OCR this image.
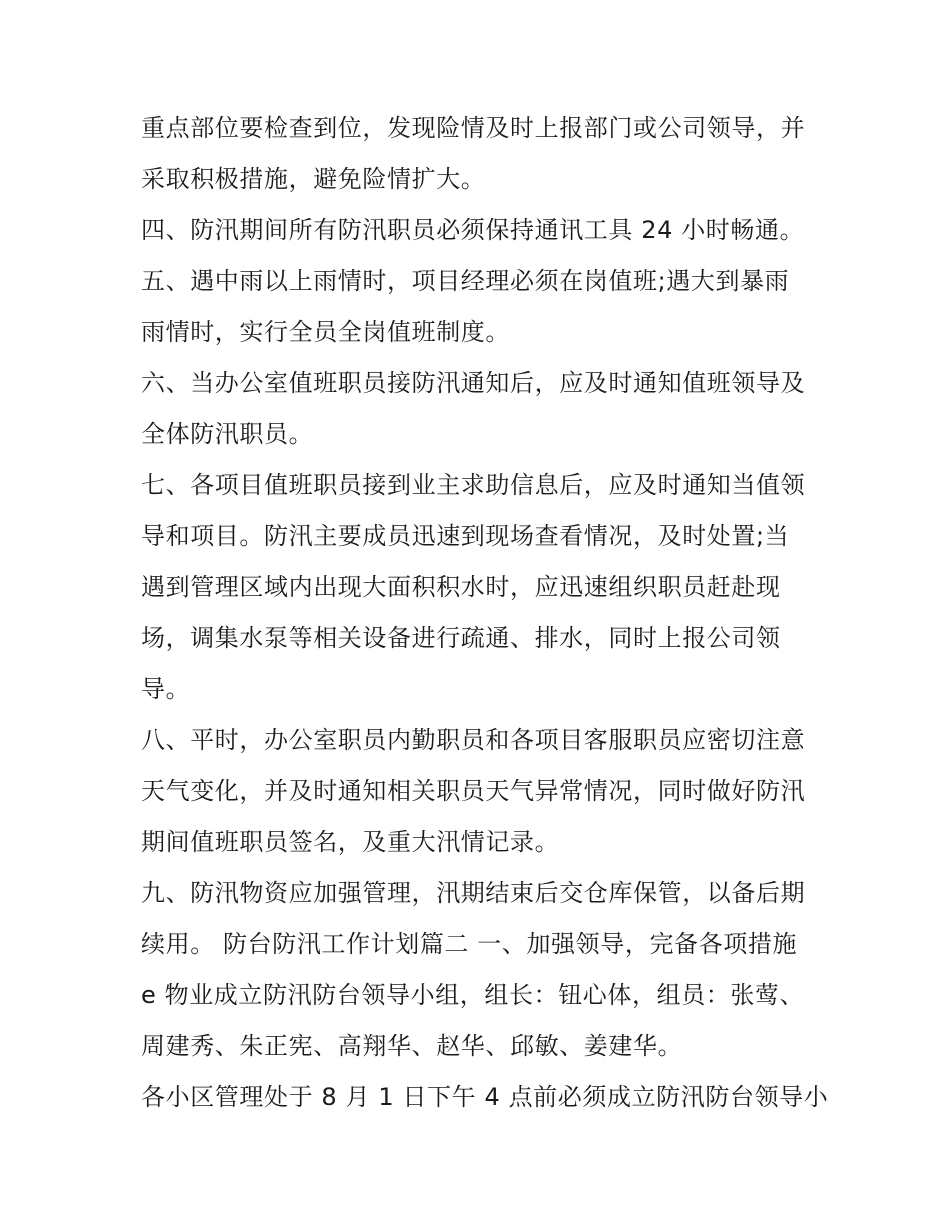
重点部位要检查到位，发现险情及时上报部门或公司领导，并
采取积极措施，避免险情扩大。
四、防汛期间所有防汛职员必须保持通讯工具 24 小时畅通。
五、遇中雨以上雨情时，项目经理必须在岗值班;遇大到暴雨
雨情时，实行全员全岗值班制度。
六、当办公室值班职员接防汛通知后，应及时通知值班领导及
全体防汛职员。
七、各项目值班职员接到业主求助信息后，应及时通知当值领
导和项目。防汛主要成员迅速到现场查看情况，及时处置;当
遇到管理区域内出现大面积积水时，应迅速组织职员赶赴现
场，调集水泵等相关设备进行疏通、排水，同时上报公司领
导。
八、平时，办公室职员内勤职员和各项目客服职员应密切注意
天气变化，并及时通知相关职员天气异常情况，同时做好防汛
期间值班职员签名，及重大汛情记录。
九、防汛物资应加强管理，汛期结束后交仓库保管，以备后期
续用。 防台防汛工作计划篇二 一、加强领导，完备各项措施
e 物业成立防汛防台领导小组，组长：钮心体，组员：张莺、
周建秀、朱正宪、高翔华、赵华、邱敏、姜建华。
各小区管理处于 8 月 1 日下午 4 点前必须成立防汛防台领导小
